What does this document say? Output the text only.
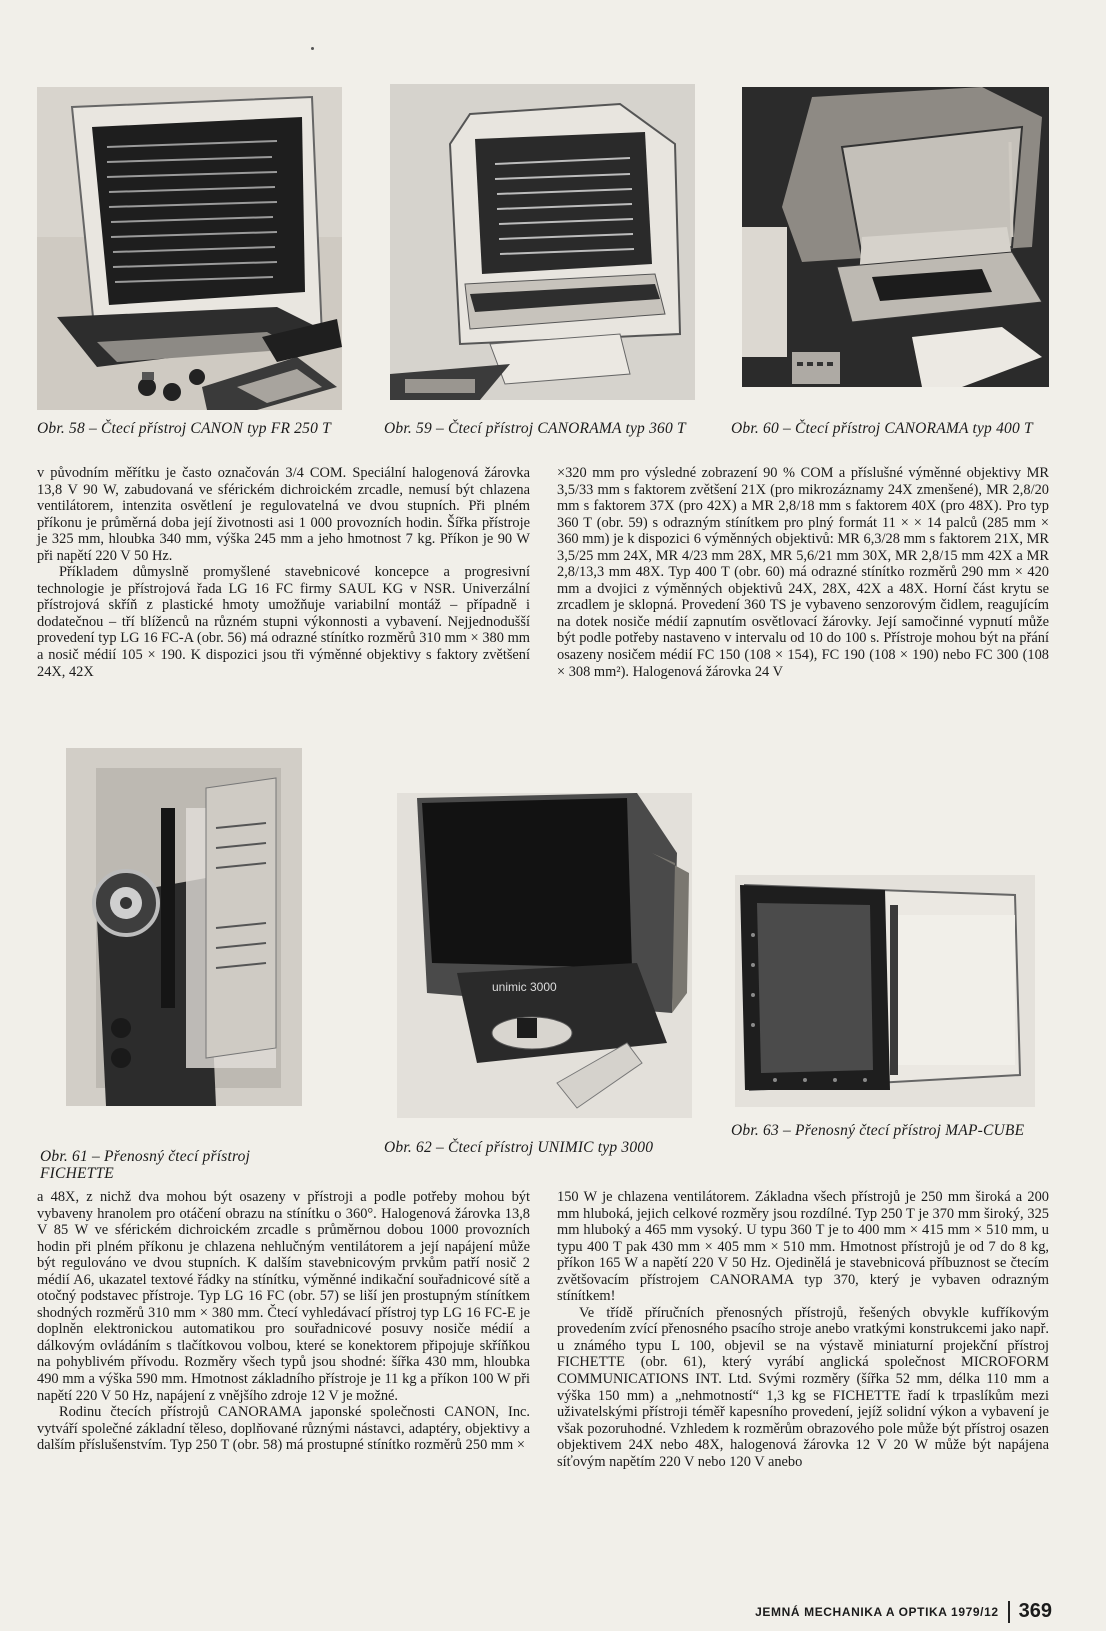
Obr. 58 – Čtecí přístroj CANON typ FR 250 T	Obr. 59 – Čtecí přístroj CANORAMA typ 360 T	Obr. 60 – Čtecí přístroj CANORAMA typ 400 T

v původním měřítku je často označován 3/4 COM. Speciální halogenová žárovka 13,8 V 90 W, zabudovaná ve sférickém dichroickém zrcadle, nemusí být chlazena ventilátorem, intenzita osvětlení je regulovatelná ve dvou stupních. Při plném příkonu je průměrná doba její životnosti asi 1 000 provozních hodin. Šířka přístroje je 325 mm, hloubka 340 mm, výška 245 mm a jeho hmotnost 7 kg. Příkon je 90 W při napětí 220 V 50 Hz.

Příkladem důmyslně promyšlené stavebnicové koncepce a progresivní technologie je přístrojová řada LG 16 FC firmy SAUL KG v NSR. Univerzální přístrojová skříň z plastické hmoty umožňuje variabilní montáž – případně i dodatečnou – tří blíženců na různém stupni výkonnosti a vybavení. Nejjednodušší provedení typ LG 16 FC-A (obr. 56) má odrazné stínítko rozměrů 310 mm × 380 mm a nosič médií 105 × 190. K dispozici jsou tři výměnné objektivy s faktory zvětšení 24X, 42X

×320 mm pro výsledné zobrazení 90 % COM a příslušné výměnné objektivy MR 3,5/33 mm s faktorem zvětšení 21X (pro mikrozáznamy 24X zmenšené), MR 2,8/20 mm s faktorem 37X (pro 42X) a MR 2,8/18 mm s faktorem 40X (pro 48X). Pro typ 360 T (obr. 59) s odrazným stínítkem pro plný formát 11 × × 14 palců (285 mm × 360 mm) je k dispozici 6 výměnných objektivů: MR 6,3/28 mm s faktorem 21X, MR 3,5/25 mm 24X, MR 4/23 mm 28X, MR 5,6/21 mm 30X, MR 2,8/15 mm 42X a MR 2,8/13,3 mm 48X. Typ 400 T (obr. 60) má odrazné stínítko rozměrů 290 mm × 420 mm a dvojici z výměnných objektivů 24X, 28X, 42X a 48X. Horní část krytu se zrcadlem je sklopná. Provedení 360 TS je vybaveno senzorovým čidlem, reagujícím na dotek nosiče médií zapnutím osvětlovací žárovky. Její samočinné vypnutí může být podle potřeby nastaveno v intervalu od 10 do 100 s. Přístroje mohou být na přání osazeny nosičem médií FC 150 (108 × 154), FC 190 (108 × 190) nebo FC 300 (108 × 308 mm²). Halogenová žárovka 24 V

unimic 3000
Obr. 61 – Přenosný čtecí přístroj FICHETTE
Obr. 62 – Čtecí přístroj UNIMIC typ 3000
Obr. 63 – Přenosný čtecí přístroj MAP-CUBE

a 48X, z nichž dva mohou být osazeny v přístroji a podle potřeby mohou být vybaveny hranolem pro otáčení obrazu na stínítku o 360°. Halogenová žárovka 13,8 V 85 W ve sférickém dichroickém zrcadle s průměrnou dobou 1000 provozních hodin při plném příkonu je chlazena nehlučným ventilátorem a její napájení může být regulováno ve dvou stupních. K dalším stavebnicovým prvkům patří nosič 2 médií A6, ukazatel textové řádky na stínítku, výměnné indikační souřadnicové sítě a otočný podstavec přístroje. Typ LG 16 FC (obr. 57) se liší jen prostupným stínítkem shodných rozměrů 310 mm × 380 mm. Čtecí vyhledávací přístroj typ LG 16 FC-E je doplněn elektronickou automatikou pro souřadnicové posuvy nosiče médií a dálkovým ovládáním s tlačítkovou volbou, které se konektorem připojuje skříňkou na pohyblivém přívodu. Rozměry všech typů jsou shodné: šířka 430 mm, hloubka 490 mm a výška 590 mm. Hmotnost základního přístroje je 11 kg a příkon 100 W při napětí 220 V 50 Hz, napájení z vnějšího zdroje 12 V je možné.

Rodinu čtecích přístrojů CANORAMA japonské společnosti CANON, Inc. vytváří společné základní těleso, doplňované různými nástavci, adaptéry, objektivy a dalším příslušenstvím. Typ 250 T (obr. 58) má prostupné stínítko rozměrů 250 mm ×

150 W je chlazena ventilátorem. Základna všech přístrojů je 250 mm široká a 200 mm hluboká, jejich celkové rozměry jsou rozdílné. Typ 250 T je 370 mm široký, 325 mm hluboký a 465 mm vysoký. U typu 360 T je to 400 mm × 415 mm × 510 mm, u typu 400 T pak 430 mm × 405 mm × 510 mm. Hmotnost přístrojů je od 7 do 8 kg, příkon 165 W a napětí 220 V 50 Hz. Ojedinělá je stavebnicová příbuznost se čtecím zvětšovacím přístrojem CANORAMA typ 370, který je vybaven odrazným stínítkem!

Ve třídě příručních přenosných přístrojů, řešených obvykle kufříkovým provedením zvící přenosného psacího stroje anebo vratkými konstrukcemi jako např. u známého typu L 100, objevil se na výstavě miniaturní projekční přístroj FICHETTE (obr. 61), který vyrábí anglická společnost MICROFORM COMMUNICATIONS INT. Ltd. Svými rozměry (šířka 52 mm, délka 110 mm a výška 150 mm) a „nehmotností“ 1,3 kg se FICHETTE řadí k trpaslíkům mezi uživatelskými přístroji téměř kapesního provedení, jejíž solidní výkon a vybavení je však pozoruhodné. Vzhledem k rozměrům obrazového pole může být přístroj osazen objektivem 24X nebo 48X, halogenová žárovka 12 V 20 W může být napájena síťovým napětím 220 V nebo 120 V anebo

JEMNÁ MECHANIKA A OPTIKA 1979/12 369
